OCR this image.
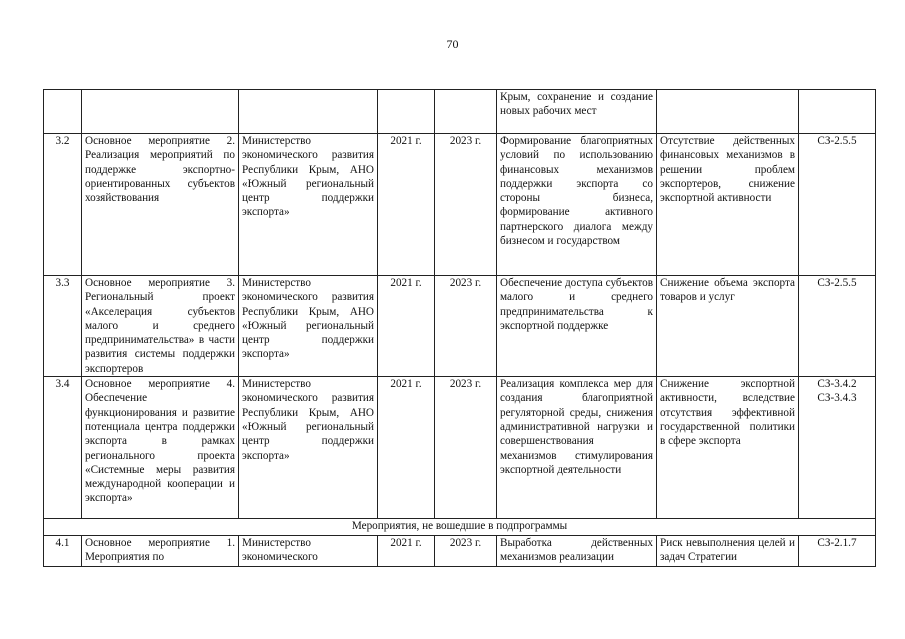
70
					Крым, сохранение и создание новых рабочих мест		
3.2	Основное мероприятие 2. Реализация мероприятий по поддержке экспортно-ориентированных субъектов хозяйствования	Министерство экономического развития Республики Крым, АНО «Южный региональный центр поддержки экспорта»	2021 г.	2023 г.	Формирование благоприятных условий по использованию финансовых механизмов поддержки экспорта со стороны бизнеса, формирование активного партнерского диалога между бизнесом и государством	Отсутствие действенных финансовых механизмов в решении проблем экспортеров, снижение экспортной активности	СЗ-2.5.5
3.3	Основное мероприятие 3. Региональный проект «Акселерация субъектов малого и среднего предпринимательства» в части развития системы поддержки экспортеров	Министерство экономического развития Республики Крым, АНО «Южный региональный центр поддержки экспорта»	2021 г.	2023 г.	Обеспечение доступа субъектов малого и среднего предпринимательства к экспортной поддержке	Снижение объема экспорта товаров и услуг	СЗ-2.5.5
3.4	Основное мероприятие 4. Обеспечение функционирования и развитие потенциала центра поддержки экспорта в рамках регионального проекта «Системные меры развития международной кооперации и экспорта»	Министерство экономического развития Республики Крым, АНО «Южный региональный центр поддержки экспорта»	2021 г.	2023 г.	Реализация комплекса мер для создания благоприятной регуляторной среды, снижения административной нагрузки и совершенствования механизмов стимулирования экспортной деятельности	Снижение экспортной активности, вследствие отсутствия эффективной государственной политики в сфере экспорта	СЗ-3.4.2
СЗ-3.4.3

Мероприятия, не вошедшие в подпрограммы							
4.1	Основное мероприятие 1. Мероприятия по	Министерство экономического	2021 г.	2023 г.	Выработка действенных механизмов реализации	Риск невыполнения целей и задач Стратегии	СЗ-2.1.7
